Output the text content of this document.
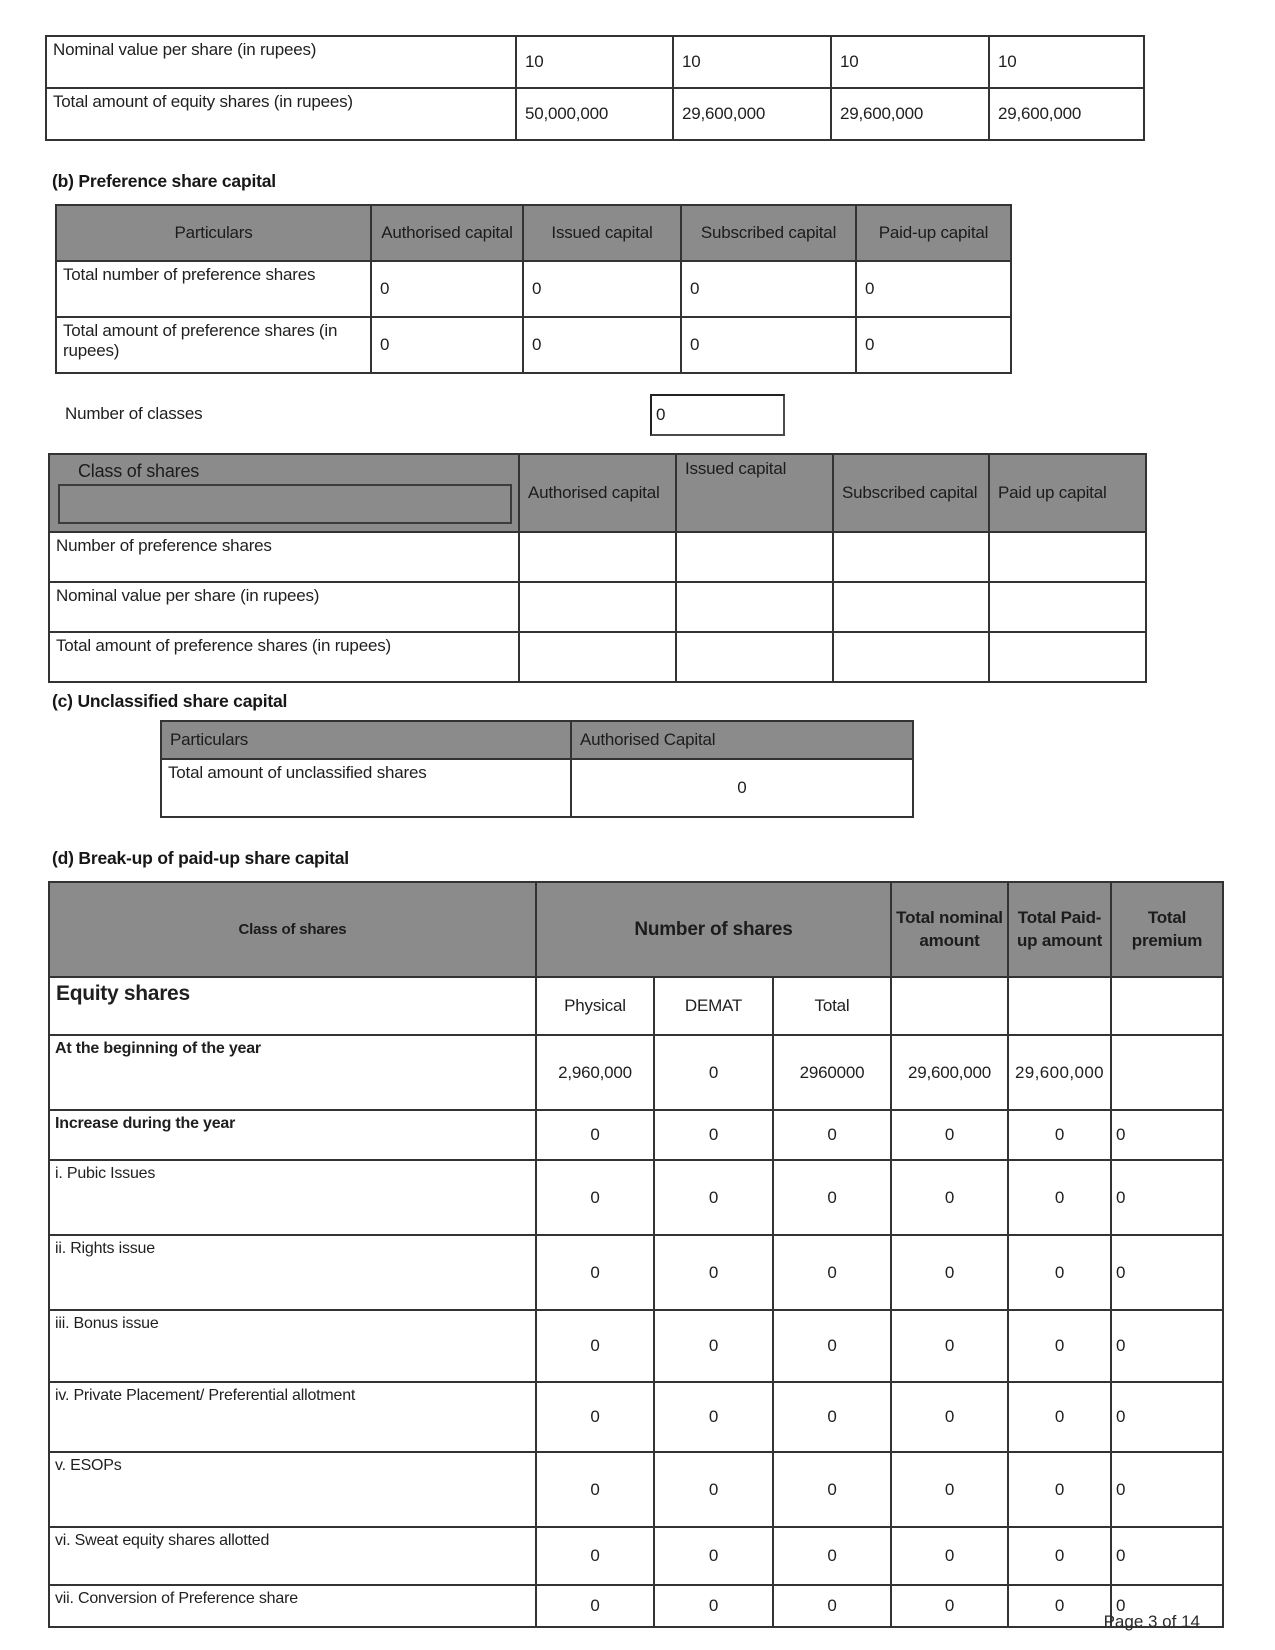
Nominal value per share (in rupees)	10	10	10	10
Total amount of equity shares (in rupees)	50,000,000	29,600,000	29,600,000	29,600,000
(b) Preference share capital
Particulars	Authorised capital	Issued capital	Subscribed capital	Paid-up capital
Total number of preference shares	0	0	0	0
Total amount of preference shares (in rupees)	0	0	0	0
Number of classes	0
Class of shares	Authorised capital	Issued capital	Subscribed capital	Paid up capital
Number of preference shares				
Nominal value per share (in rupees)				
Total amount of preference shares (in rupees)				
(c) Unclassified share capital
Particulars	Authorised Capital
Total amount of unclassified shares	0
(d) Break-up of paid-up share capital
Class of shares	Number of shares			Total nominal amount	Total Paid-up amount	Total premium
Equity shares	Physical	DEMAT	Total			
At the beginning of the year	2,960,000	0	2960000	29,600,000	29,600,000	
Increase during the year	0	0	0	0	0	0
i. Pubic Issues	0	0	0	0	0	0
ii. Rights issue	0	0	0	0	0	0
iii. Bonus issue	0	0	0	0	0	0
iv. Private Placement/ Preferential allotment	0	0	0	0	0	0
v. ESOPs	0	0	0	0	0	0
vi. Sweat equity shares allotted	0	0	0	0	0	0
vii. Conversion of Preference share	0	0	0	0	0	0
Page 3 of 14
